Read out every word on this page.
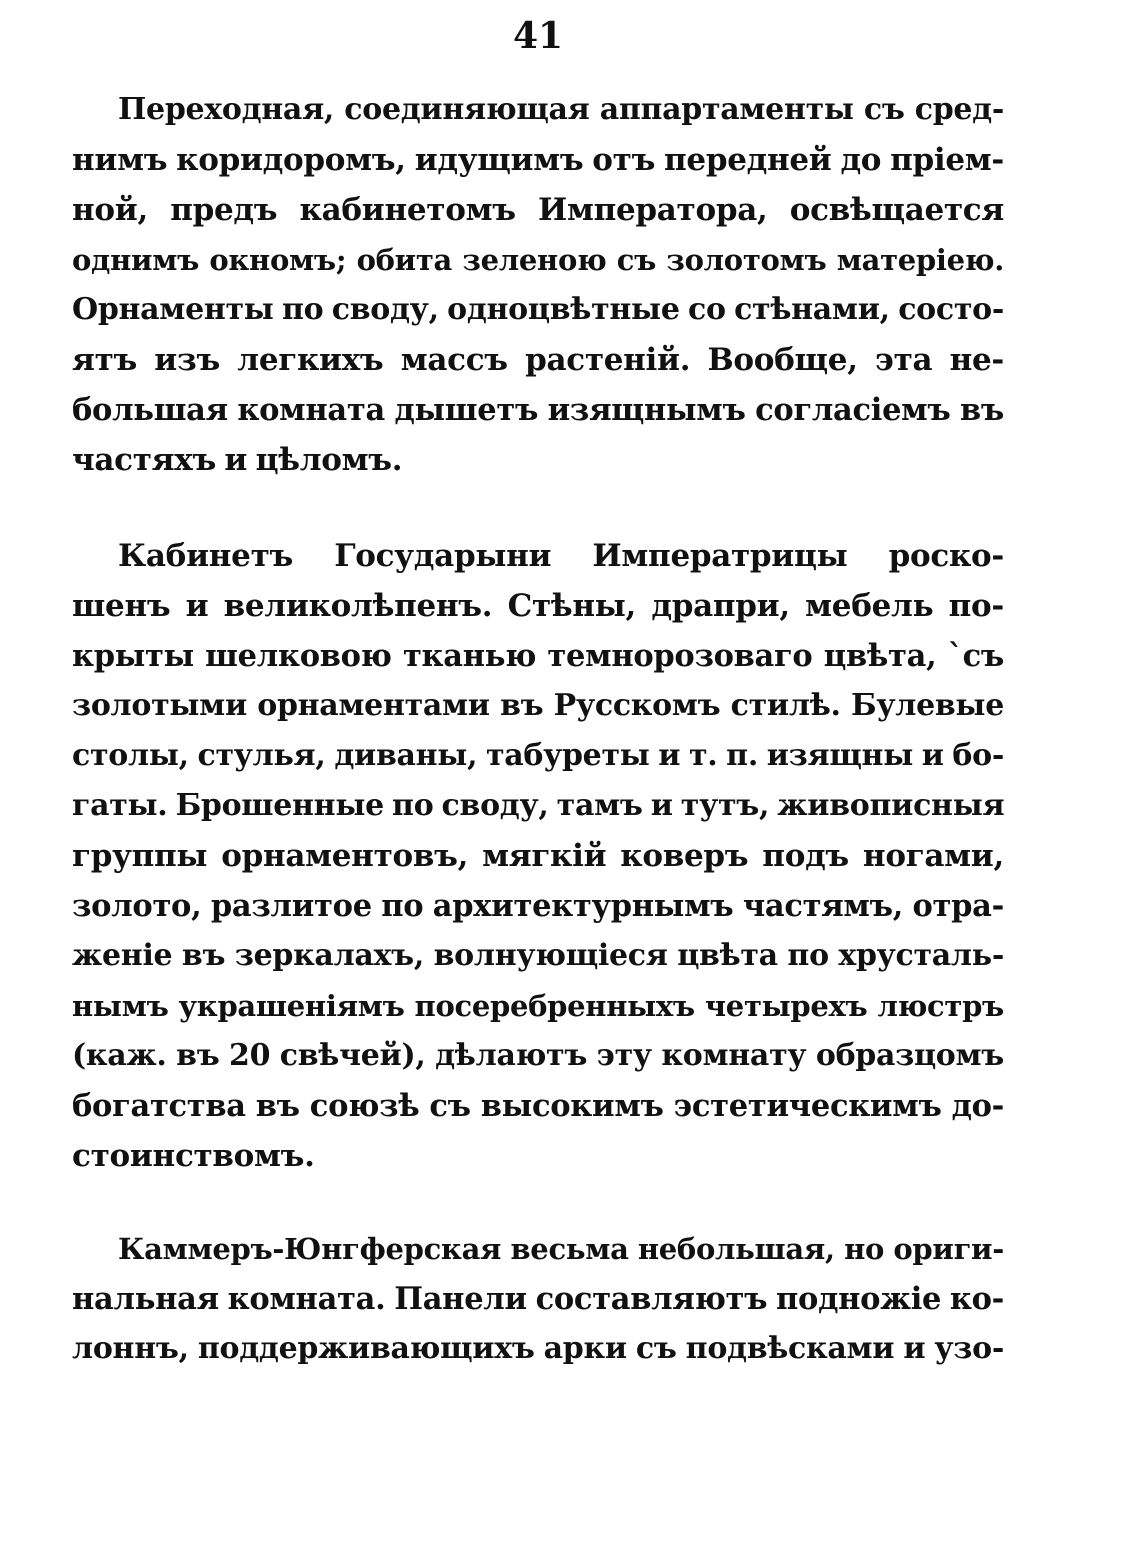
41
Переходная, соединяющая аппартаменты съ сред-
нимъ коридоромъ, идущимъ отъ передней до пріем-
ной, предъ кабинетомъ Императора, освѣщается
однимъ окномъ; обита зеленою съ золотомъ матеріею.
Орнаменты по своду, одноцвѣтные со стѣнами, состо-
ятъ изъ легкихъ массъ растеній. Вообще, эта не-
большая комната дышетъ изящнымъ согласіемъ въ
частяхъ и цѣломъ.
Кабинетъ Государыни Императрицы роско-
шенъ и великолѣпенъ. Стѣны, драпри, мебель по-
крыты шелковою тканью темнорозоваго цвѣта, `съ
золотыми орнаментами въ Русскомъ стилѣ. Булевые
столы, стулья, диваны, табуреты и т. п. изящны и бо-
гаты. Брошенные по своду, тамъ и тутъ, живописныя
группы орнаментовъ, мягкій коверъ подъ ногами,
золото, разлитое по архитектурнымъ частямъ, отра-
женіе въ зеркалахъ, волнующіеся цвѣта по хрусталь-
нымъ украшеніямъ посеребренныхъ четырехъ люстръ
(каж. въ 20 свѣчей), дѣлаютъ эту комнату образцомъ
богатства въ союзѣ съ высокимъ эстетическимъ до-
стоинствомъ.
Каммеръ-Юнгферская весьма небольшая, но ориги-
нальная комната. Панели составляютъ подножіе ко-
лоннъ, поддерживающихъ арки съ подвѣсками и узо-
